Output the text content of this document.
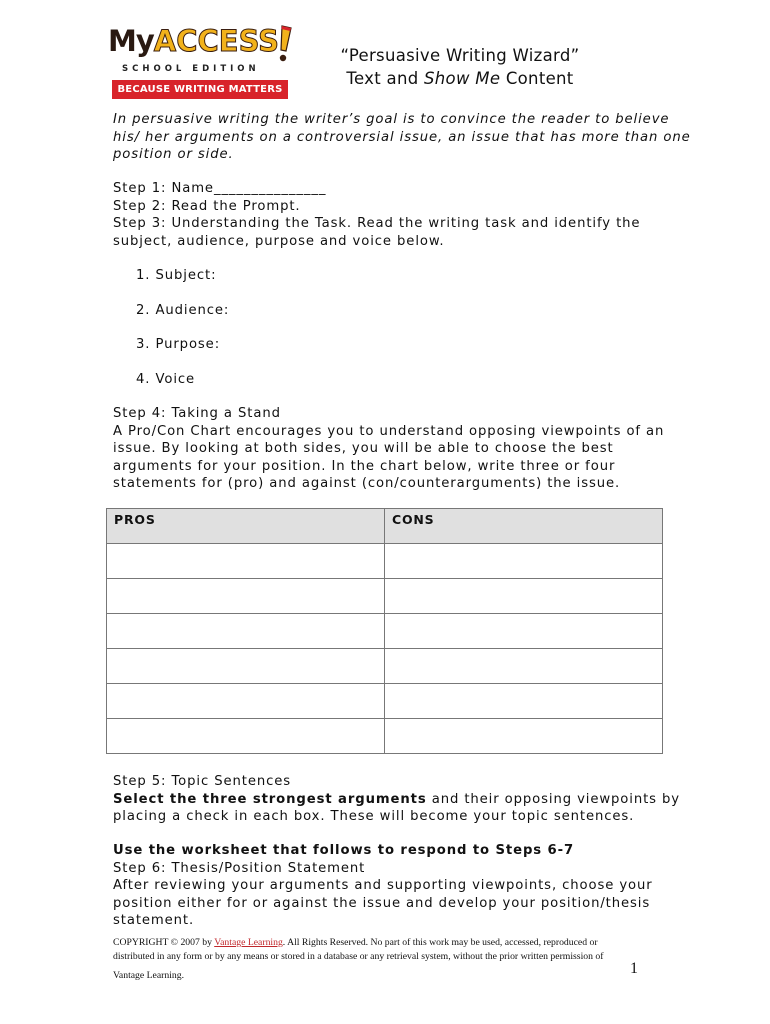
MyACCESS
SCHOOL EDITION
BECAUSE WRITING MATTERS
“Persuasive Writing Wizard”
Text and Show Me Content
In persuasive writing the writer’s goal is to convince the reader to believe
his/ her arguments on a controversial issue, an issue that has more than one
position or side.
Step 1: Name_______________
Step 2: Read the Prompt.
Step 3: Understanding the Task. Read the writing task and identify the
subject, audience, purpose and voice below.
1. Subject:
2. Audience:
3. Purpose:
4. Voice
Step 4: Taking a Stand
A Pro/Con Chart encourages you to understand opposing viewpoints of an
issue. By looking at both sides, you will be able to choose the best
arguments for your position. In the chart below, write three or four
statements for (pro) and against (con/counterarguments) the issue.
PROS	CONS

Step 5: Topic Sentences
Select the three strongest arguments and their opposing viewpoints by
placing a check in each box. These will become your topic sentences.
Use the worksheet that follows to respond to Steps 6-7
Step 6: Thesis/Position Statement
After reviewing your arguments and supporting viewpoints, choose your
position either for or against the issue and develop your position/thesis
statement.
COPYRIGHT © 2007 by Vantage Learning. All Rights Reserved. No part of this work may be used, accessed, reproduced or
distributed in any form or by any means or stored in a database or any retrieval system, without the prior written permission of
Vantage Learning.	1
